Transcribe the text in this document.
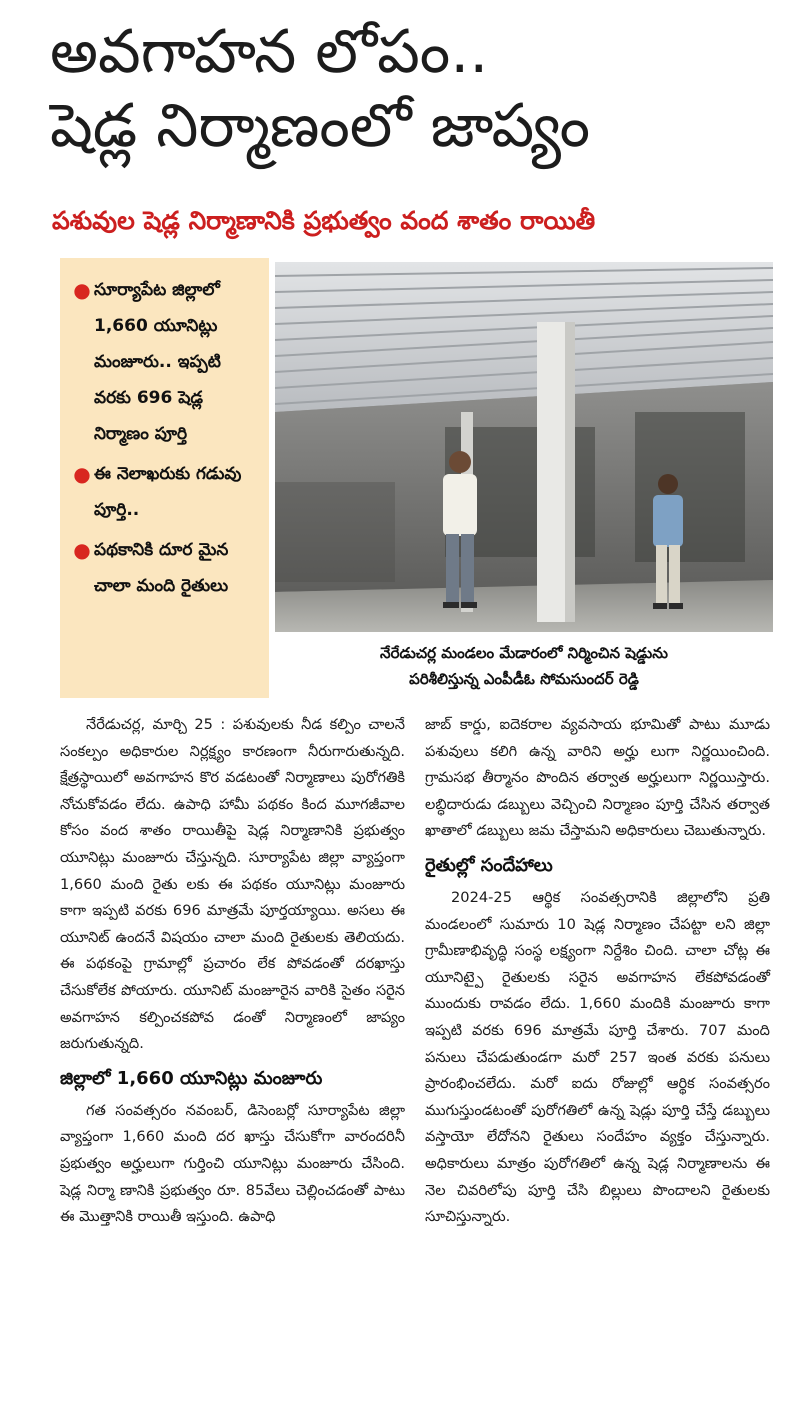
అవగాహన లోపం..
షెడ్ల నిర్మాణంలో జాప్యం
పశువుల షెడ్ల నిర్మాణానికి ప్రభుత్వం వంద శాతం రాయితీ
● సూర్యాపేట జిల్లాలో 1,660 యూనిట్లు మంజూరు.. ఇప్పటి వరకు 696 షెడ్ల నిర్మాణం పూర్తి
● ఈ నెలాఖరుకు గడువు పూర్తి..
● పథకానికి దూర మైన చాలా మంది రైతులు
నేరేడుచర్ల మండలం మేడారంలో నిర్మించిన షెడ్డును
పరిశీలిస్తున్న ఎంపీడీఓ సోమసుందర్ రెడ్డి

నేరేడుచర్ల, మార్చి 25 : పశువులకు నీడ కల్పిం చాలనే సంకల్పం అధికారుల నిర్లక్ష్యం కారణంగా నీరుగారుతున్నది. క్షేత్రస్థాయిలో అవగాహన కొర వడటంతో నిర్మాణాలు పురోగతికి నోచుకోవడం లేదు. ఉపాధి హామీ పథకం కింద మూగజీవాల కోసం వంద శాతం రాయితీపై షెడ్ల నిర్మాణానికి ప్రభుత్వం యూనిట్లు మంజూరు చేస్తున్నది. సూర్యాపేట జిల్లా వ్యాప్తంగా 1,660 మంది రైతు లకు ఈ పథకం యూనిట్లు మంజూరు కాగా ఇప్పటి వరకు 696 మాత్రమే పూర్తయ్యాయి. అసలు ఈ యూనిట్ ఉందనే విషయం చాలా మంది రైతులకు తెలియదు. ఈ పథకంపై గ్రామాల్లో ప్రచారం లేక పోవడంతో దరఖాస్తు చేసుకోలేక పోయారు. యూనిట్ మంజూరైన వారికి సైతం సరైన అవగాహన కల్పించకపోవ డంతో నిర్మాణంలో జాప్యం జరుగుతున్నది.

జిల్లాలో 1,660 యూనిట్లు మంజూరు

గత సంవత్సరం నవంబర్, డిసెంబర్లో సూర్యాపేట జిల్లా వ్యాప్తంగా 1,660 మంది దర ఖాస్తు చేసుకోగా వారందరినీ ప్రభుత్వం అర్హులుగా గుర్తించి యూనిట్లు మంజూరు చేసింది. షెడ్ల నిర్మా ణానికి ప్రభుత్వం రూ. 85వేలు చెల్లించడంతో పాటు ఈ మొత్తానికి రాయితీ ఇస్తుంది. ఉపాధి

జాబ్ కార్డు, ఐదెకరాల వ్యవసాయ భూమితో పాటు మూడు పశువులు కలిగి ఉన్న వారిని అర్హు లుగా నిర్ణయించింది. గ్రామసభ తీర్మానం పొందిన తర్వాత అర్హులుగా నిర్ణయిస్తారు. లబ్ధిదారుడు డబ్బులు వెచ్చించి నిర్మాణం పూర్తి చేసిన తర్వాత ఖాతాలో డబ్బులు జమ చేస్తామని అధికారులు చెబుతున్నారు.

రైతుల్లో సందేహాలు

2024-25 ఆర్థిక సంవత్సరానికి జిల్లాలోని ప్రతి మండలంలో సుమారు 10 షెడ్ల నిర్మాణం చేపట్టా లని జిల్లా గ్రామీణాభివృద్ధి సంస్థ లక్ష్యంగా నిర్దేశిం చింది. చాలా చోట్ల ఈ యూనిట్పై రైతులకు సరైన అవగాహన లేకపోవడంతో ముందుకు రావడం లేదు. 1,660 మందికి మంజూరు కాగా ఇప్పటి వరకు 696 మాత్రమే పూర్తి చేశారు. 707 మంది పనులు చేపడుతుండగా మరో 257 ఇంత వరకు పనులు ప్రారంభించలేదు. మరో ఐదు రోజుల్లో ఆర్థిక సంవత్సరం ముగుస్తుండటంతో పురోగతిలో ఉన్న షెడ్లు పూర్తి చేస్తే డబ్బులు వస్తాయో లేదోనని రైతులు సందేహం వ్యక్తం చేస్తున్నారు. అధికారులు మాత్రం పురోగతిలో ఉన్న షెడ్ల నిర్మాణాలను ఈ నెల చివరిలోపు పూర్తి చేసి బిల్లులు పొందాలని రైతులకు సూచిస్తున్నారు.
